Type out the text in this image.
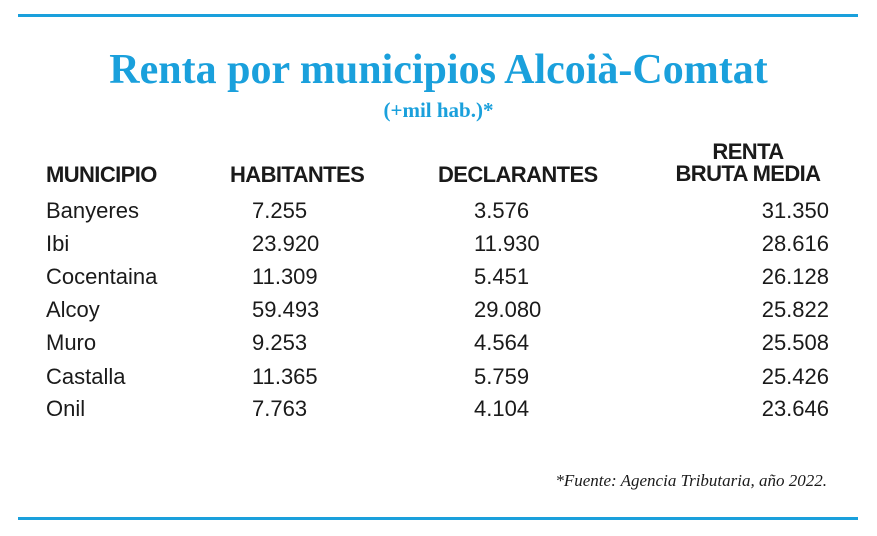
Renta por municipios Alcoià-Comtat
(+mil hab.)*
MUNICIPIO	HABITANTES	DECLARANTES
RENTA
BRUTA MEDIA
Banyeres	7.255	3.576	31.350
Ibi	23.920	11.930	28.616
Cocentaina	11.309	5.451	26.128
Alcoy	59.493	29.080	25.822
Muro	9.253	4.564	25.508
Castalla	11.365	5.759	25.426
Onil	7.763	4.104	23.646
*Fuente: Agencia Tributaria, año 2022.
